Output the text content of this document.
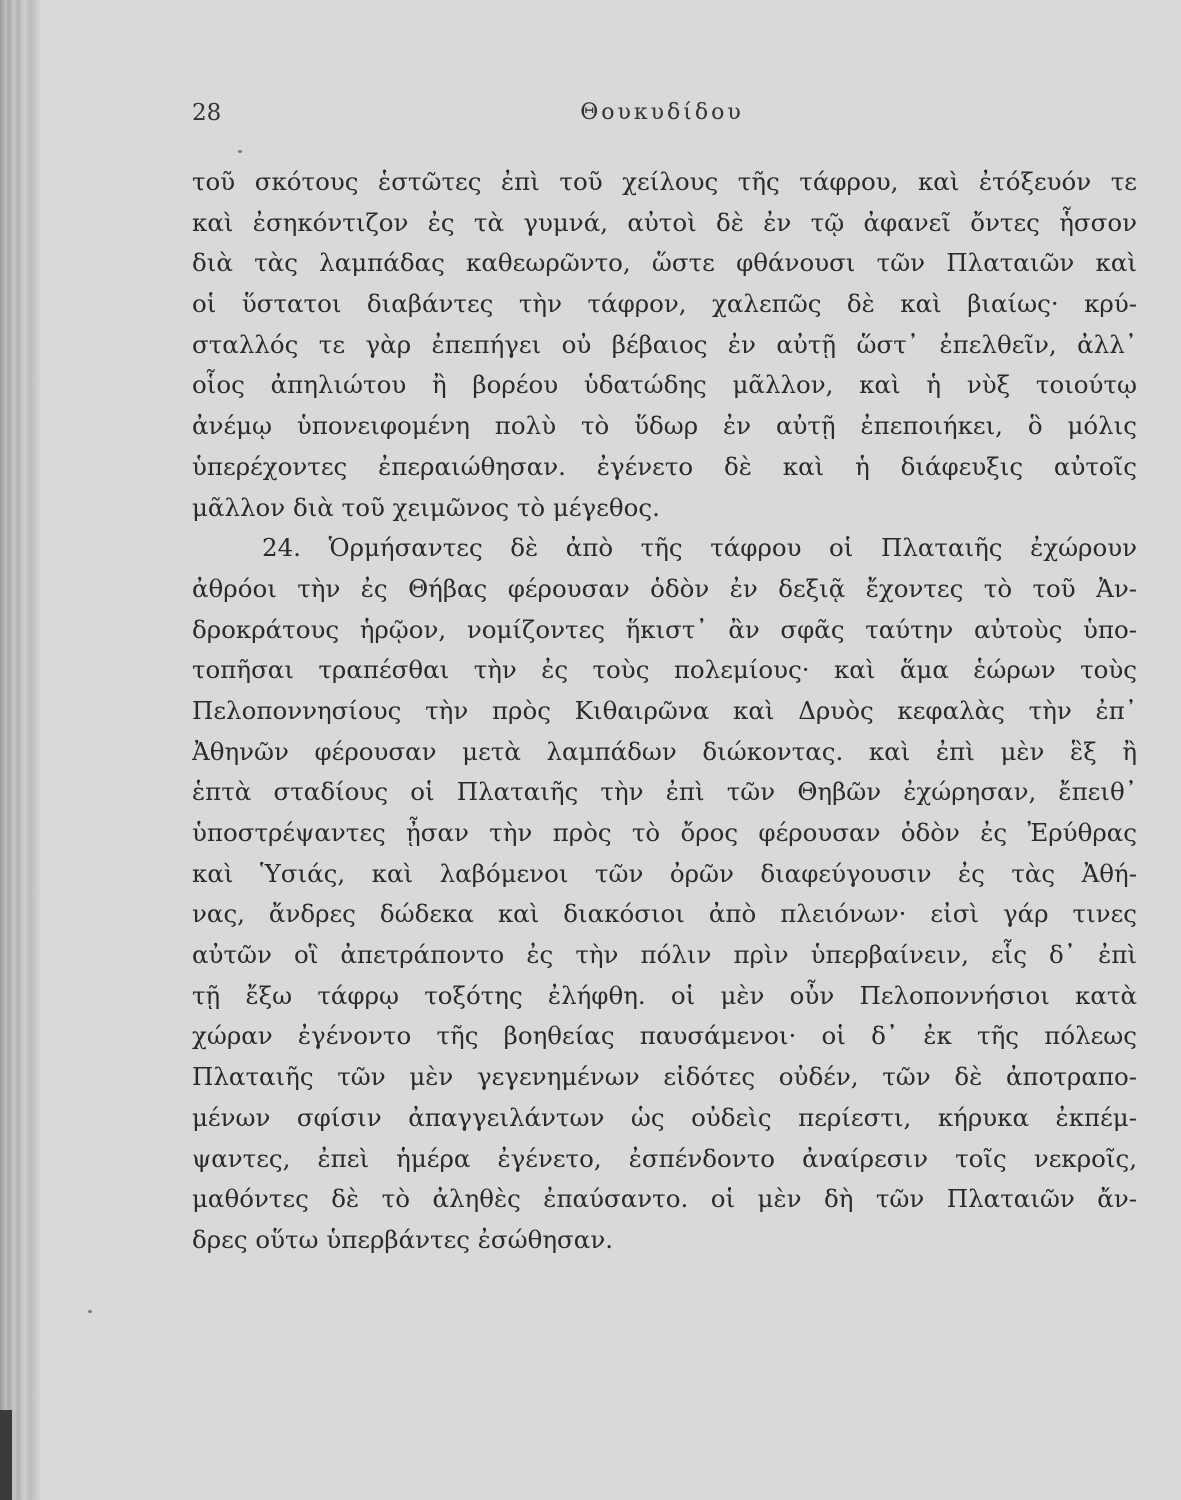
28	Θουκυδίδου
τοῦ σκότους ἑστῶτες ἐπὶ τοῦ χείλους τῆς τάφρου, καὶ ἐτόξευόν τε
καὶ ἐσηκόντιζον ἐς τὰ γυμνά, αὐτοὶ δὲ ἐν τῷ ἀφανεῖ ὄντες ἧσσον
διὰ τὰς λαμπάδας καθεωρῶντο, ὥστε φθάνουσι τῶν Πλαταιῶν καὶ
οἱ ὕστατοι διαβάντες τὴν τάφρον, χαλεπῶς δὲ καὶ βιαίως· κρύ-
σταλλός τε γὰρ ἐπεπήγει οὐ βέβαιος ἐν αὐτῇ ὥστ᾽ ἐπελθεῖν, ἀλλ᾽
οἷος ἀπηλιώτου ἢ βορέου ὑδατώδης μᾶλλον, καὶ ἡ νὺξ τοιούτῳ
ἀνέμῳ ὑπονειφομένη πολὺ τὸ ὕδωρ ἐν αὐτῇ ἐπεποιήκει, ὃ μόλις
ὑπερέχοντες ἐπεραιώθησαν. ἐγένετο δὲ καὶ ἡ διάφευξις αὐτοῖς
μᾶλλον διὰ τοῦ χειμῶνος τὸ μέγεθος.
24. Ὁρμήσαντες δὲ ἀπὸ τῆς τάφρου οἱ Πλαταιῆς ἐχώρουν
ἀθρόοι τὴν ἐς Θήβας φέρουσαν ὁδὸν ἐν δεξιᾷ ἔχοντες τὸ τοῦ Ἀν-
δροκράτους ἡρῷον, νομίζοντες ἥκιστ᾽ ἂν σφᾶς ταύτην αὐτοὺς ὑπο-
τοπῆσαι τραπέσθαι τὴν ἐς τοὺς πολεμίους· καὶ ἅμα ἑώρων τοὺς
Πελοποννησίους τὴν πρὸς Κιθαιρῶνα καὶ Δρυὸς κεφαλὰς τὴν ἐπ᾽
Ἀθηνῶν φέρουσαν μετὰ λαμπάδων διώκοντας. καὶ ἐπὶ μὲν ἓξ ἢ
ἑπτὰ σταδίους οἱ Πλαταιῆς τὴν ἐπὶ τῶν Θηβῶν ἐχώρησαν, ἔπειθ᾽
ὑποστρέψαντες ᾖσαν τὴν πρὸς τὸ ὄρος φέρουσαν ὁδὸν ἐς Ἐρύθρας
καὶ Ὑσιάς, καὶ λαβόμενοι τῶν ὀρῶν διαφεύγουσιν ἐς τὰς Ἀθή-
νας, ἄνδρες δώδεκα καὶ διακόσιοι ἀπὸ πλειόνων· εἰσὶ γάρ τινες
αὐτῶν οἳ ἀπετράποντο ἐς τὴν πόλιν πρὶν ὑπερβαίνειν, εἷς δ᾽ ἐπὶ
τῇ ἔξω τάφρῳ τοξότης ἐλήφθη. οἱ μὲν οὖν Πελοποννήσιοι κατὰ
χώραν ἐγένοντο τῆς βοηθείας παυσάμενοι· οἱ δ᾽ ἐκ τῆς πόλεως
Πλαταιῆς τῶν μὲν γεγενημένων εἰδότες οὐδέν, τῶν δὲ ἀποτραπο-
μένων σφίσιν ἀπαγγειλάντων ὡς οὐδεὶς περίεστι, κήρυκα ἐκπέμ-
ψαντες, ἐπεὶ ἡμέρα ἐγένετο, ἐσπένδοντο ἀναίρεσιν τοῖς νεκροῖς,
μαθόντες δὲ τὸ ἀληθὲς ἐπαύσαντο. οἱ μὲν δὴ τῶν Πλαταιῶν ἄν-
δρες οὕτω ὑπερβάντες ἐσώθησαν.
